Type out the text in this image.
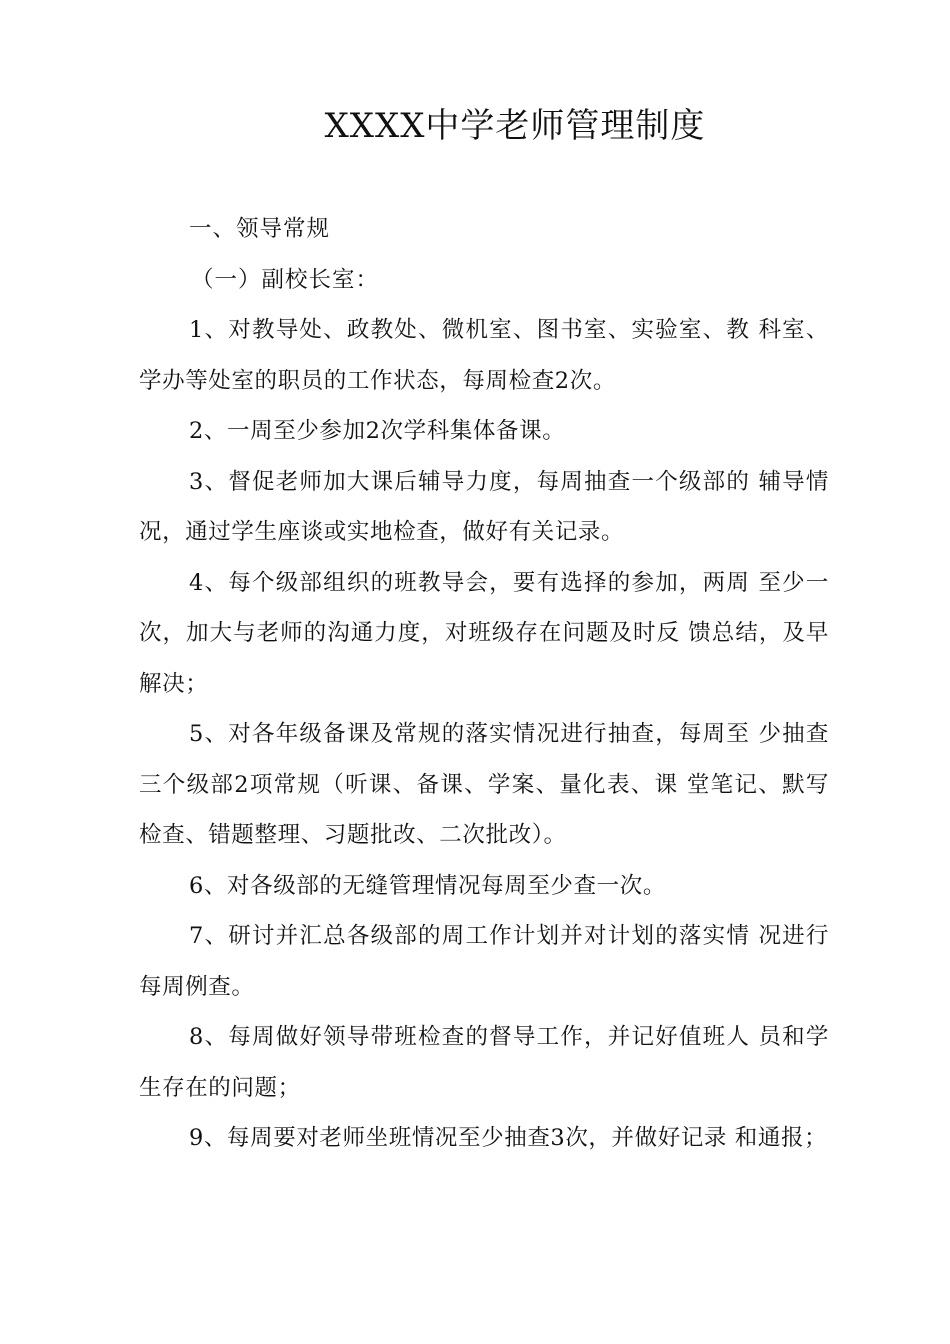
XXXX中学老师管理制度

一、领导常规

（一）副校长室：

1、对教导处、政教处、微机室、图书室、实验室、教 科室、学办等处室的职员的工作状态，每周检查2次。

2、一周至少参加2次学科集体备课。

3、督促老师加大课后辅导力度，每周抽查一个级部的 辅导情况，通过学生座谈或实地检查，做好有关记录。

4、每个级部组织的班教导会，要有选择的参加，两周 至少一次，加大与老师的沟通力度，对班级存在问题及时反 馈总结，及早解决；

5、对各年级备课及常规的落实情况进行抽查，每周至 少抽查三个级部2项常规（听课、备课、学案、量化表、课 堂笔记、默写检查、错题整理、习题批改、二次批改）。

6、对各级部的无缝管理情况每周至少查一次。

7、研讨并汇总各级部的周工作计划并对计划的落实情 况进行每周例查。

8、每周做好领导带班检查的督导工作，并记好值班人 员和学生存在的问题；

9、每周要对老师坐班情况至少抽查3次，并做好记录 和通报；
